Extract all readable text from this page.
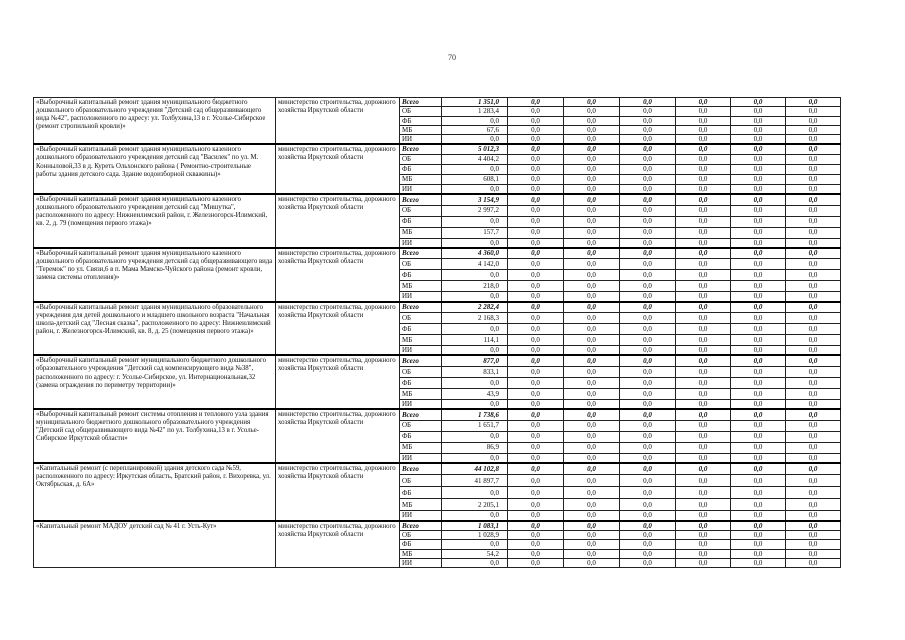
70
«Выборочный капитальный ремонт здания муниципального бюджетного дошкольного образовательного учреждения "Детский сад общеразвивающего вида №42", расположенного по адресу: ул. Толбухина,13 в г. Усолье-Сибирское (ремонт стропильной кровли)»	министерство строительства, дорожного хозяйства Иркутской области	Всего	1 351,0	0,0	0,0	0,0	0,0	0,0	0,0
		ОБ	1 283,4	0,0	0,0	0,0	0,0	0,0	0,0
		ФБ	0,0	0,0	0,0	0,0	0,0	0,0	0,0
		МБ	67,6	0,0	0,0	0,0	0,0	0,0	0,0
		ИИ	0,0	0,0	0,0	0,0	0,0	0,0	0,0
«Выборочный капитальный ремонт здания муниципального казенного дошкольного образовательного учреждения детский сад "Василек" по ул. М. Конныловой,33 в д. Куреть Ольхонского района ( Ремонтно-строительные работы здания детского сада. Здание водоизборной скважины)»	министерство строительства, дорожного хозяйства Иркутской области	Всего	5 012,3	0,0	0,0	0,0	0,0	0,0	0,0
		ОБ	4 404,2	0,0	0,0	0,0	0,0	0,0	0,0
		ФБ	0,0	0,0	0,0	0,0	0,0	0,0	0,0
		МБ	608,1	0,0	0,0	0,0	0,0	0,0	0,0
		ИИ	0,0	0,0	0,0	0,0	0,0	0,0	0,0
«Выборочный капитальный ремонт здания муниципального казенного дошкольного образовательного учреждения детский сад "Мишутка", расположенного по адресу: Нижнеилимский район, г. Железногорск-Илимский, кв. 2, д. 79 (помещения первого этажа)»	министерство строительства, дорожного хозяйства Иркутской области	Всего	3 154,9	0,0	0,0	0,0	0,0	0,0	0,0
		ОБ	2 997,2	0,0	0,0	0,0	0,0	0,0	0,0
		ФБ	0,0	0,0	0,0	0,0	0,0	0,0	0,0
		МБ	157,7	0,0	0,0	0,0	0,0	0,0	0,0
		ИИ	0,0	0,0	0,0	0,0	0,0	0,0	0,0
«Выборочный капитальный ремонт здания муниципального казенного дошкольного образовательного учреждения детский сад общеразвивающего вида "Теремок" по ул. Связи,6 в п. Мама Мамско-Чуйского района (ремонт кровли, замена системы отопления)»	министерство строительства, дорожного хозяйства Иркутской области	Всего	4 360,0	0,0	0,0	0,0	0,0	0,0	0,0
		ОБ	4 142,0	0,0	0,0	0,0	0,0	0,0	0,0
		ФБ	0,0	0,0	0,0	0,0	0,0	0,0	0,0
		МБ	218,0	0,0	0,0	0,0	0,0	0,0	0,0
		ИИ	0,0	0,0	0,0	0,0	0,0	0,0	0,0
«Выборочный капитальный ремонт здания муниципального образовательного учреждения для детей дошкольного и младшего школьного возраста "Начальная школа-детский сад "Лесная сказка", расположенного по адресу: Нижнеилимский район, г. Железногорск-Илимский, кв. 8, д. 25 (помещения первого этажа)»	министерство строительства, дорожного хозяйства Иркутской области	Всего	2 282,4	0,0	0,0	0,0	0,0	0,0	0,0
		ОБ	2 168,3	0,0	0,0	0,0	0,0	0,0	0,0
		ФБ	0,0	0,0	0,0	0,0	0,0	0,0	0,0
		МБ	114,1	0,0	0,0	0,0	0,0	0,0	0,0
		ИИ	0,0	0,0	0,0	0,0	0,0	0,0	0,0
«Выборочный капитальный ремонт муниципального бюджетного дошкольного образовательного учреждения "Детский сад компенсирующего вида №38", расположенного по адресу: г. Усолье-Сибирское, ул. Интернациональная,32 (замена ограждения по периметру территории)»	министерство строительства, дорожного хозяйства Иркутской области	Всего	877,0	0,0	0,0	0,0	0,0	0,0	0,0
		ОБ	833,1	0,0	0,0	0,0	0,0	0,0	0,0
		ФБ	0,0	0,0	0,0	0,0	0,0	0,0	0,0
		МБ	43,9	0,0	0,0	0,0	0,0	0,0	0,0
		ИИ	0,0	0,0	0,0	0,0	0,0	0,0	0,0
«Выборочный капитальный ремонт системы отопления и теплового узла здания муниципального бюджетного дошкольного образовательного учреждения "Детский сад общеразвивающего вида №42" по ул. Толбухина,13 в г. Усолье-Сибирское Иркутской области»	министерство строительства, дорожного хозяйства Иркутской области	Всего	1 738,6	0,0	0,0	0,0	0,0	0,0	0,0
		ОБ	1 651,7	0,0	0,0	0,0	0,0	0,0	0,0
		ФБ	0,0	0,0	0,0	0,0	0,0	0,0	0,0
		МБ	86,9	0,0	0,0	0,0	0,0	0,0	0,0
		ИИ	0,0	0,0	0,0	0,0	0,0	0,0	0,0
«Капитальный ремонт (с перепланировкой) здания детского сада №59, расположенного по адресу: Иркутская область, Братский район, г. Вихоревка, ул. Октябрьская, д. 6А»	министерство строительства, дорожного хозяйства Иркутской области	Всего	44 102,8	0,0	0,0	0,0	0,0	0,0	0,0
		ОБ	41 897,7	0,0	0,0	0,0	0,0	0,0	0,0
		ФБ	0,0	0,0	0,0	0,0	0,0	0,0	0,0
		МБ	2 205,1	0,0	0,0	0,0	0,0	0,0	0,0
		ИИ	0,0	0,0	0,0	0,0	0,0	0,0	0,0
«Капитальный ремонт МАДОУ детский сад № 41 г. Усть-Кут»	министерство строительства, дорожного хозяйства Иркутской области	Всего	1 083,1	0,0	0,0	0,0	0,0	0,0	0,0
		ОБ	1 028,9	0,0	0,0	0,0	0,0	0,0	0,0
		ФБ	0,0	0,0	0,0	0,0	0,0	0,0	0,0
		МБ	54,2	0,0	0,0	0,0	0,0	0,0	0,0
		ИИ	0,0	0,0	0,0	0,0	0,0	0,0	0,0
